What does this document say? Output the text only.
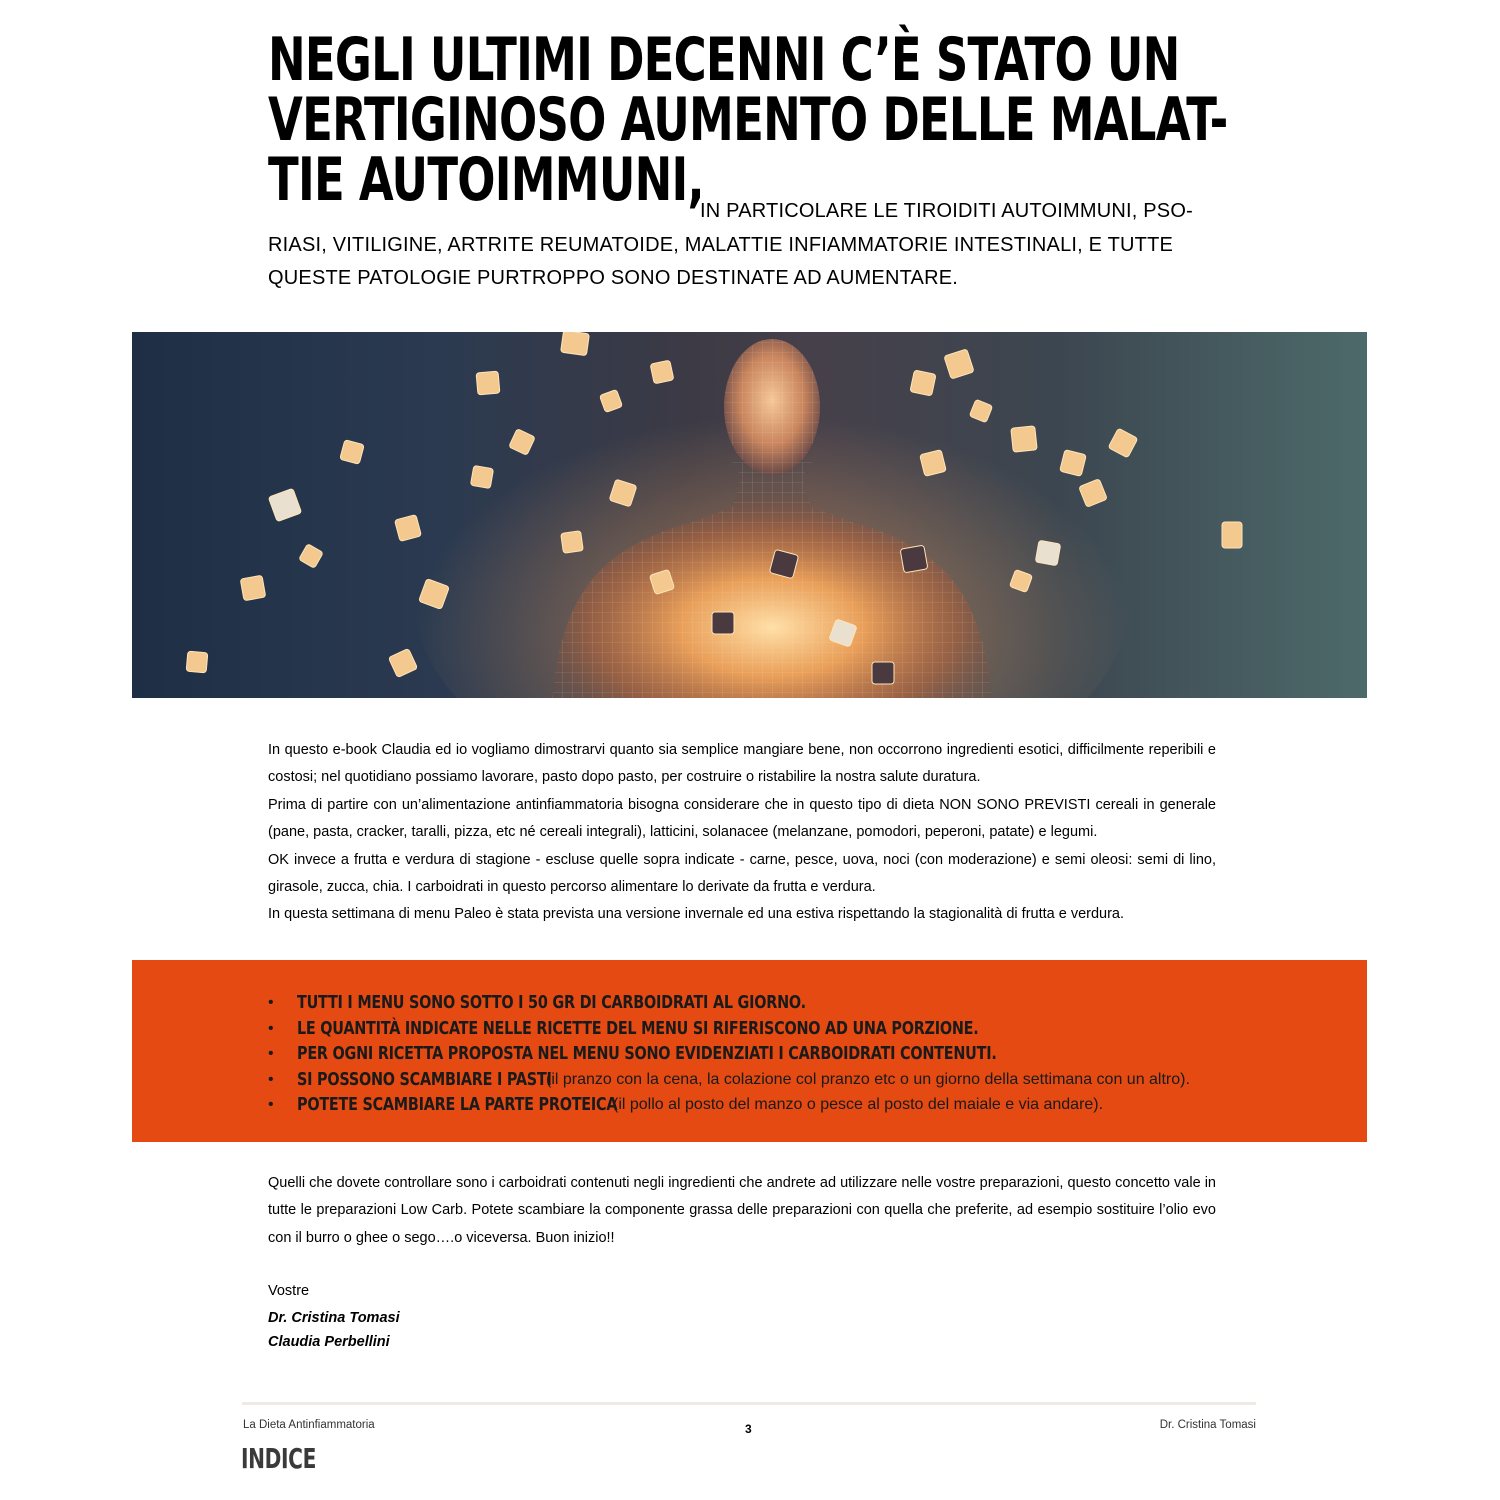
NEGLI ULTIMI DECENNI C’È STATO UN
VERTIGINOSO AUMENTO DELLE MALAT-
TIE AUTOIMMUNI,
IN PARTICOLARE LE TIROIDITI AUTOIMMUNI, PSO-
RIASI, VITILIGINE, ARTRITE REUMATOIDE, MALATTIE INFIAMMATORIE INTESTINALI, E TUTTE
QUESTE PATOLOGIE PURTROPPO SONO DESTINATE AD AUMENTARE.

In questo e-book Claudia ed io vogliamo dimostrarvi quanto sia semplice mangiare bene, non occorrono ingredienti esotici, difficilmente reperibili e costosi; nel quotidiano possiamo lavorare, pasto dopo pasto, per costruire o ristabilire la nostra salute duratura.

Prima di partire con un’alimentazione antinfiammatoria bisogna considerare che in questo tipo di dieta NON SONO PREVISTI cereali in generale (pane, pasta, cracker, taralli, pizza, etc né cereali integrali), latticini, solanacee (melanzane, pomodori, peperoni, patate) e legumi.

OK invece a frutta e verdura di stagione - escluse quelle sopra indicate - carne, pesce, uova, noci (con moderazione) e semi oleosi: semi di lino, girasole, zucca, chia. I carboidrati in questo percorso alimentare lo derivate da frutta e verdura.

In questa settimana di menu Paleo è stata prevista una versione invernale ed una estiva rispettando la stagionalità di frutta e verdura.

• TUTTI I MENU SONO SOTTO I 50 GR DI CARBOIDRATI AL GIORNO.
• LE QUANTITÀ INDICATE NELLE RICETTE DEL MENU SI RIFERISCONO AD UNA PORZIONE.
• PER OGNI RICETTA PROPOSTA NEL MENU SONO EVIDENZIATI I CARBOIDRATI CONTENUTI.
• SI POSSONO SCAMBIARE I PASTI
(il pranzo con la cena, la colazione col pranzo etc o un giorno della settimana con un altro).
• POTETE SCAMBIARE LA PARTE PROTEICA
(il pollo al posto del manzo o pesce al posto del maiale e via andare).

Quelli che dovete controllare sono i carboidrati contenuti negli ingredienti che andrete ad utilizzare nelle vostre preparazioni, questo concetto vale in tutte le preparazioni Low Carb. Potete scambiare la componente grassa delle preparazioni con quella che preferite, ad esempio sostituire l’olio evo con il burro o ghee o sego….o viceversa. Buon inizio!!

Vostre
Dr. Cristina Tomasi
Claudia Perbellini
La Dieta Antinfiammatoria	3	Dr. Cristina Tomasi
INDICE
